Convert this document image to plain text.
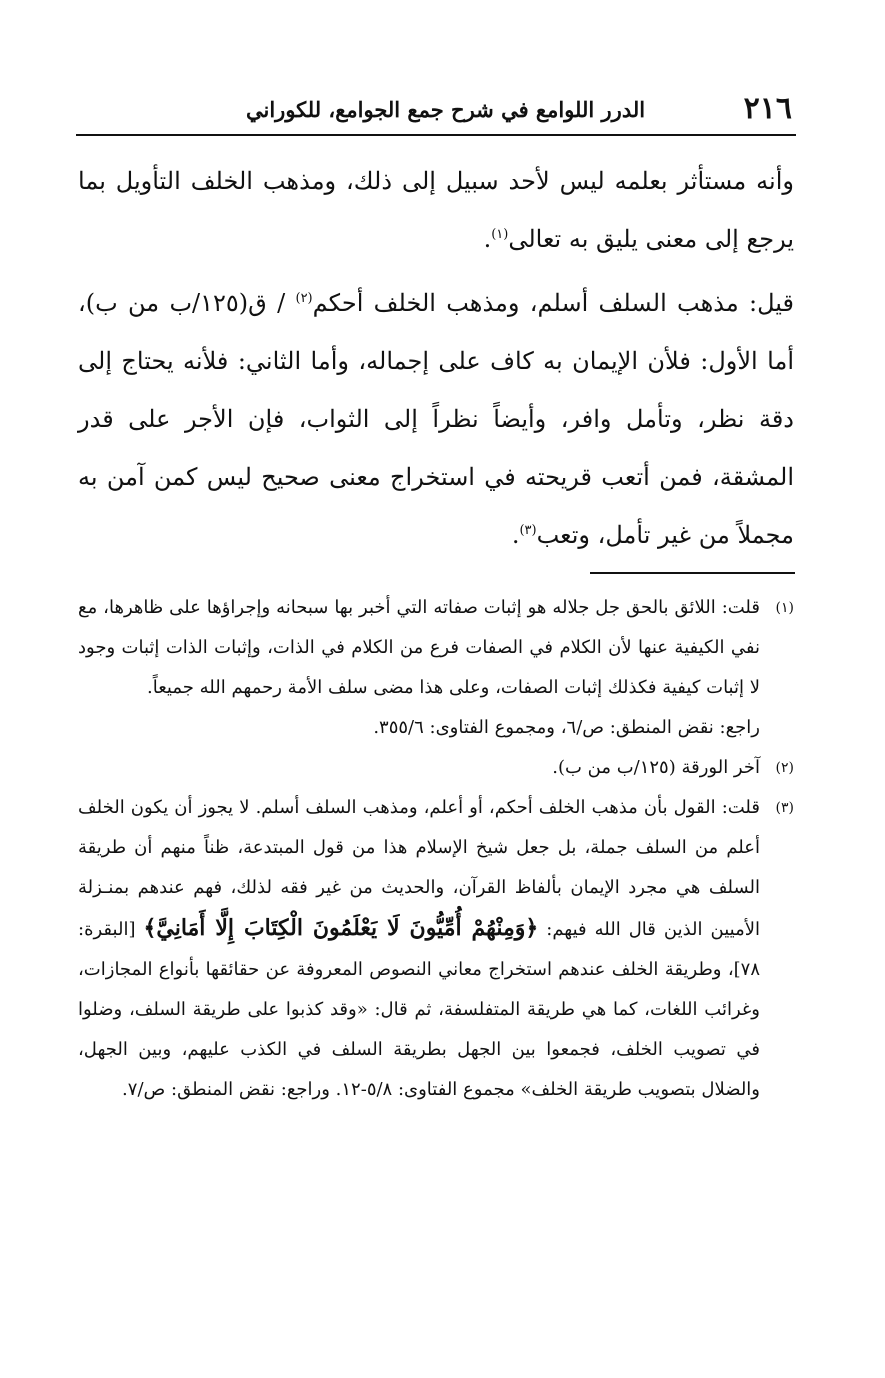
٢١٦
الدرر اللوامع في شرح جمع الجوامع، للكوراني

وأنه مستأثر بعلمه ليس لأحد سبيل إلى ذلك، ومذهب الخلف التأويل بما يرجع إلى معنى يليق به تعالى$^{(١)}$.

قيل: مذهب السلف أسلم، ومذهب الخلف أحكم$^{(٢)}$ / ق(١٢٥/ب من ب)، أما الأول: فلأن الإيمان به كاف على إجماله، وأما الثاني: فلأنه يحتاج إلى دقة نظر، وتأمل وافر، وأيضاً نظراً إلى الثواب، فإن الأجر على قدر المشقة، فمن أتعب قريحته في استخراج معنى صحيح ليس كمن آمن به مجملاً من غير تأمل، وتعب$^{(٣)}$.

(١)

قلت: اللائق بالحق جل جلاله هو إثبات صفاته التي أخبر بها سبحانه وإجراؤها على ظاهرها، مع نفي الكيفية عنها لأن الكلام في الصفات فرع من الكلام في الذات، وإثبات الذات إثبات وجود لا إثبات كيفية فكذلك إثبات الصفات، وعلى هذا مضى سلف الأمة رحمهم الله جميعاً.

راجع: نقض المنطق: ص/٦، ومجموع الفتاوى: ٣٥٥/٦.

(٢)

آخر الورقة (١٢٥/ب من ب).

(٣)

قلت: القول بأن مذهب الخلف أحكم، أو أعلم، ومذهب السلف أسلم. لا يجوز أن يكون الخلف أعلم من السلف جملة، بل جعل شيخ الإسلام هذا من قول المبتدعة، ظناً منهم أن طريقة السلف هي مجرد الإيمان بألفاظ القرآن، والحديث من غير فقه لذلك، فهم عندهم بمنـزلة الأميين الذين قال الله فيهم: ﴿وَمِنْهُمْ أُمِّيُّونَ لَا يَعْلَمُونَ الْكِتَابَ إِلَّا أَمَانِيَّ﴾ [البقرة: ٧٨]، وطريقة الخلف عندهم استخراج معاني النصوص المعروفة عن حقائقها بأنواع المجازات، وغرائب اللغات، كما هي طريقة المتفلسفة، ثم قال: «وقد كذبوا على طريقة السلف، وضلوا في تصويب الخلف، فجمعوا بين الجهل بطريقة السلف في الكذب عليهم، وبين الجهل، والضلال بتصويب طريقة الخلف» مجموع الفتاوى: ٥/٨-١٢. وراجع: نقض المنطق: ص/٧.
